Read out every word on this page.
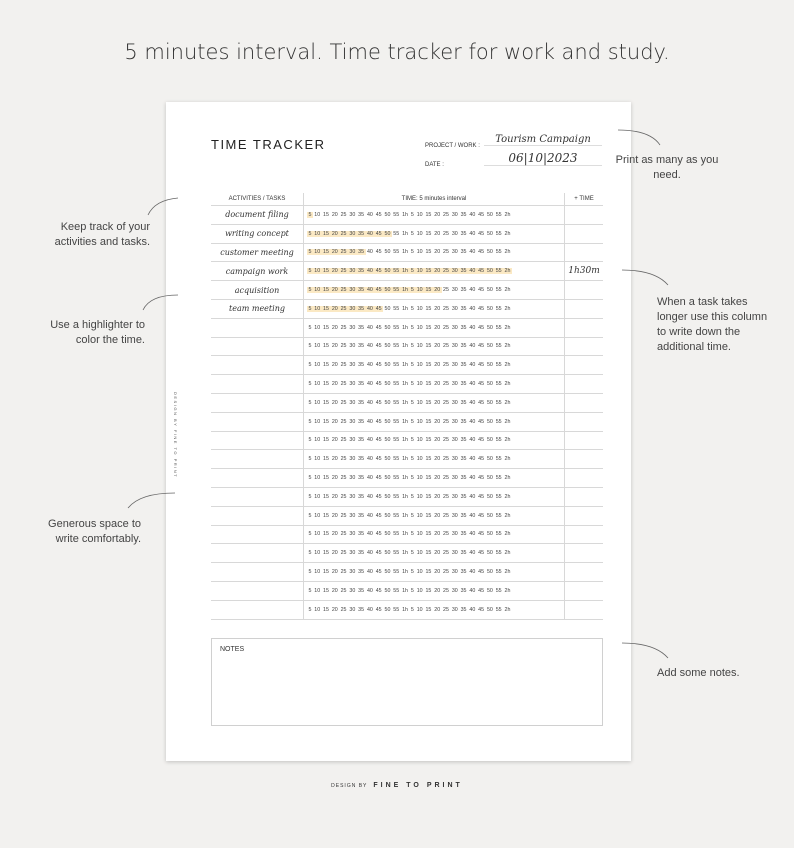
5 minutes interval. Time tracker for work and study.
DESIGN BY FINE TO PRINT
TIME TRACKER	PROJECT / WORK :
Tourism Campaign
DATE :	06|10|2023
ACTIVITIES / TASKS	TIME: 5 minutes interval	+ TIME
document filing	5 10 15 20 25 30 35 40 45 50 55 1h 5 10 15 20 25 30 35 40 45 50 55 2h	
writing concept	5 10 15 20 25 30 35 40 45 50 55 1h 5 10 15 20 25 30 35 40 45 50 55 2h	
customer meeting	5 10 15 20 25 30 35 40 45 50 55 1h 5 10 15 20 25 30 35 40 45 50 55 2h	
campaign work	5 10 15 20 25 30 35 40 45 50 55 1h 5 10 15 20 25 30 35 40 45 50 55 2h	1h30m
acquisition	5 10 15 20 25 30 35 40 45 50 55 1h 5 10 15 20 25 30 35 40 45 50 55 2h	
team meeting	5 10 15 20 25 30 35 40 45 50 55 1h 5 10 15 20 25 30 35 40 45 50 55 2h	
	5 10 15 20 25 30 35 40 45 50 55 1h 5 10 15 20 25 30 35 40 45 50 55 2h	
	5 10 15 20 25 30 35 40 45 50 55 1h 5 10 15 20 25 30 35 40 45 50 55 2h	
	5 10 15 20 25 30 35 40 45 50 55 1h 5 10 15 20 25 30 35 40 45 50 55 2h	
	5 10 15 20 25 30 35 40 45 50 55 1h 5 10 15 20 25 30 35 40 45 50 55 2h	
	5 10 15 20 25 30 35 40 45 50 55 1h 5 10 15 20 25 30 35 40 45 50 55 2h	
	5 10 15 20 25 30 35 40 45 50 55 1h 5 10 15 20 25 30 35 40 45 50 55 2h	
	5 10 15 20 25 30 35 40 45 50 55 1h 5 10 15 20 25 30 35 40 45 50 55 2h	
	5 10 15 20 25 30 35 40 45 50 55 1h 5 10 15 20 25 30 35 40 45 50 55 2h	
	5 10 15 20 25 30 35 40 45 50 55 1h 5 10 15 20 25 30 35 40 45 50 55 2h	
	5 10 15 20 25 30 35 40 45 50 55 1h 5 10 15 20 25 30 35 40 45 50 55 2h	
	5 10 15 20 25 30 35 40 45 50 55 1h 5 10 15 20 25 30 35 40 45 50 55 2h	
	5 10 15 20 25 30 35 40 45 50 55 1h 5 10 15 20 25 30 35 40 45 50 55 2h	
	5 10 15 20 25 30 35 40 45 50 55 1h 5 10 15 20 25 30 35 40 45 50 55 2h	
	5 10 15 20 25 30 35 40 45 50 55 1h 5 10 15 20 25 30 35 40 45 50 55 2h	
	5 10 15 20 25 30 35 40 45 50 55 1h 5 10 15 20 25 30 35 40 45 50 55 2h	
	5 10 15 20 25 30 35 40 45 50 55 1h 5 10 15 20 25 30 35 40 45 50 55 2h	
NOTES
Print as many as you need.
Keep track of your activities and tasks.
Use a highlighter to color the time.
When a task takes longer use this column to write down the additional time.
Generous space to write comfortably.
Add some notes.
DESIGN BY FINE TO PRINT
